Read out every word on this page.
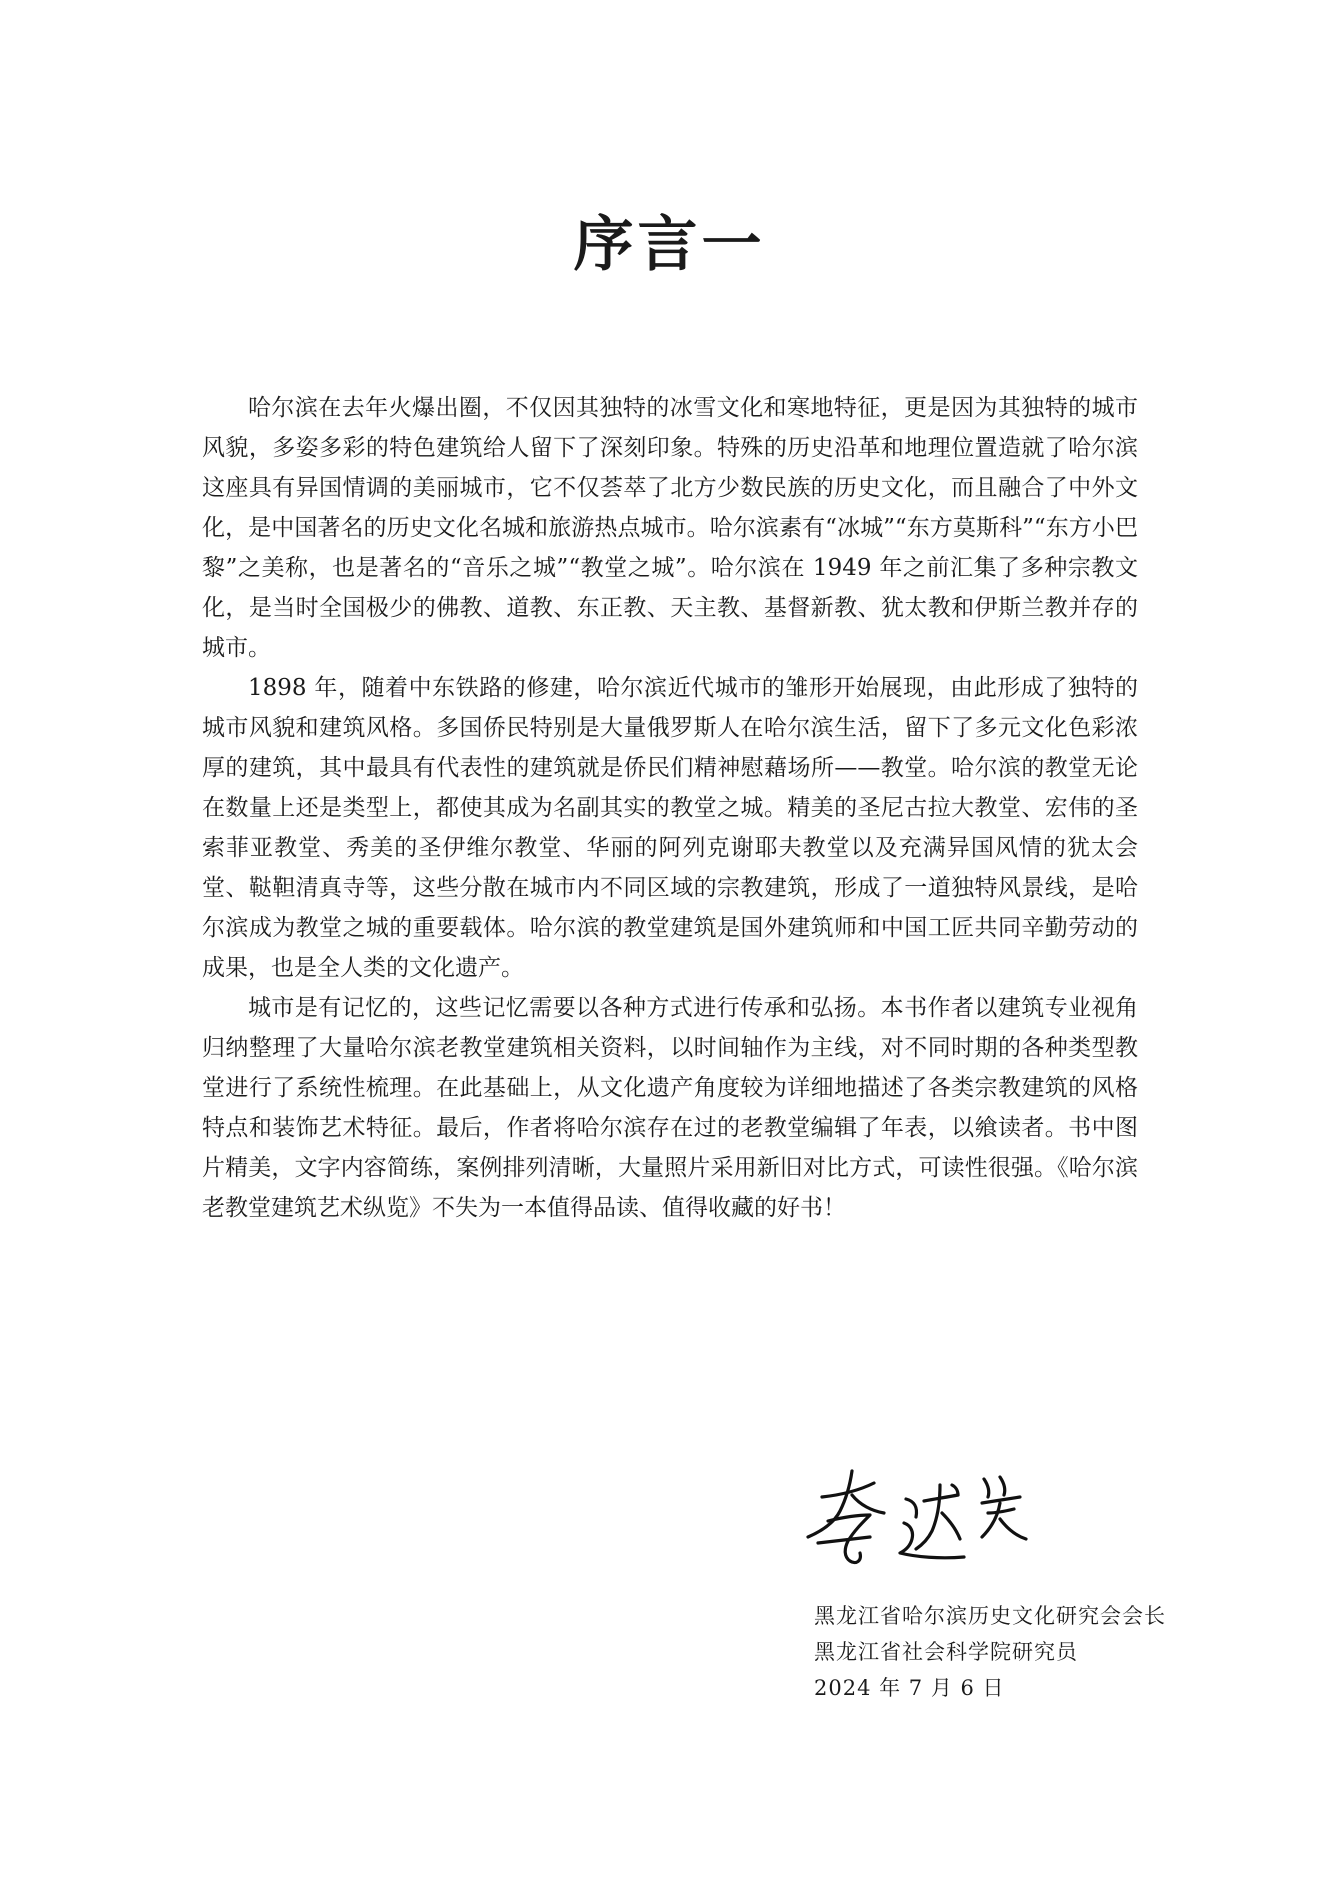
序言一

哈尔滨在去年火爆出圈，不仅因其独特的冰雪文化和寒地特征，更是因为其独特的城市风貌，多姿多彩的特色建筑给人留下了深刻印象。特殊的历史沿革和地理位置造就了哈尔滨这座具有异国情调的美丽城市，它不仅荟萃了北方少数民族的历史文化，而且融合了中外文化，是中国著名的历史文化名城和旅游热点城市。哈尔滨素有“冰城”“东方莫斯科”“东方小巴黎”之美称，也是著名的“音乐之城”“教堂之城”。哈尔滨在 1949 年之前汇集了多种宗教文化，是当时全国极少的佛教、道教、东正教、天主教、基督新教、犹太教和伊斯兰教并存的城市。

1898 年，随着中东铁路的修建，哈尔滨近代城市的雏形开始展现，由此形成了独特的城市风貌和建筑风格。多国侨民特别是大量俄罗斯人在哈尔滨生活，留下了多元文化色彩浓厚的建筑，其中最具有代表性的建筑就是侨民们精神慰藉场所——教堂。哈尔滨的教堂无论在数量上还是类型上，都使其成为名副其实的教堂之城。精美的圣尼古拉大教堂、宏伟的圣索菲亚教堂、秀美的圣伊维尔教堂、华丽的阿列克谢耶夫教堂以及充满异国风情的犹太会堂、鞑靼清真寺等，这些分散在城市内不同区域的宗教建筑，形成了一道独特风景线，是哈尔滨成为教堂之城的重要载体。哈尔滨的教堂建筑是国外建筑师和中国工匠共同辛勤劳动的成果，也是全人类的文化遗产。

城市是有记忆的，这些记忆需要以各种方式进行传承和弘扬。本书作者以建筑专业视角归纳整理了大量哈尔滨老教堂建筑相关资料，以时间轴作为主线，对不同时期的各种类型教堂进行了系统性梳理。在此基础上，从文化遗产角度较为详细地描述了各类宗教建筑的风格特点和装饰艺术特征。最后，作者将哈尔滨存在过的老教堂编辑了年表，以飨读者。书中图片精美，文字内容简练，案例排列清晰，大量照片采用新旧对比方式，可读性很强。《哈尔滨老教堂建筑艺术纵览》不失为一本值得品读、值得收藏的好书！

黑龙江省哈尔滨历史文化研究会会长
黑龙江省社会科学院研究员
2024 年 7 月 6 日
